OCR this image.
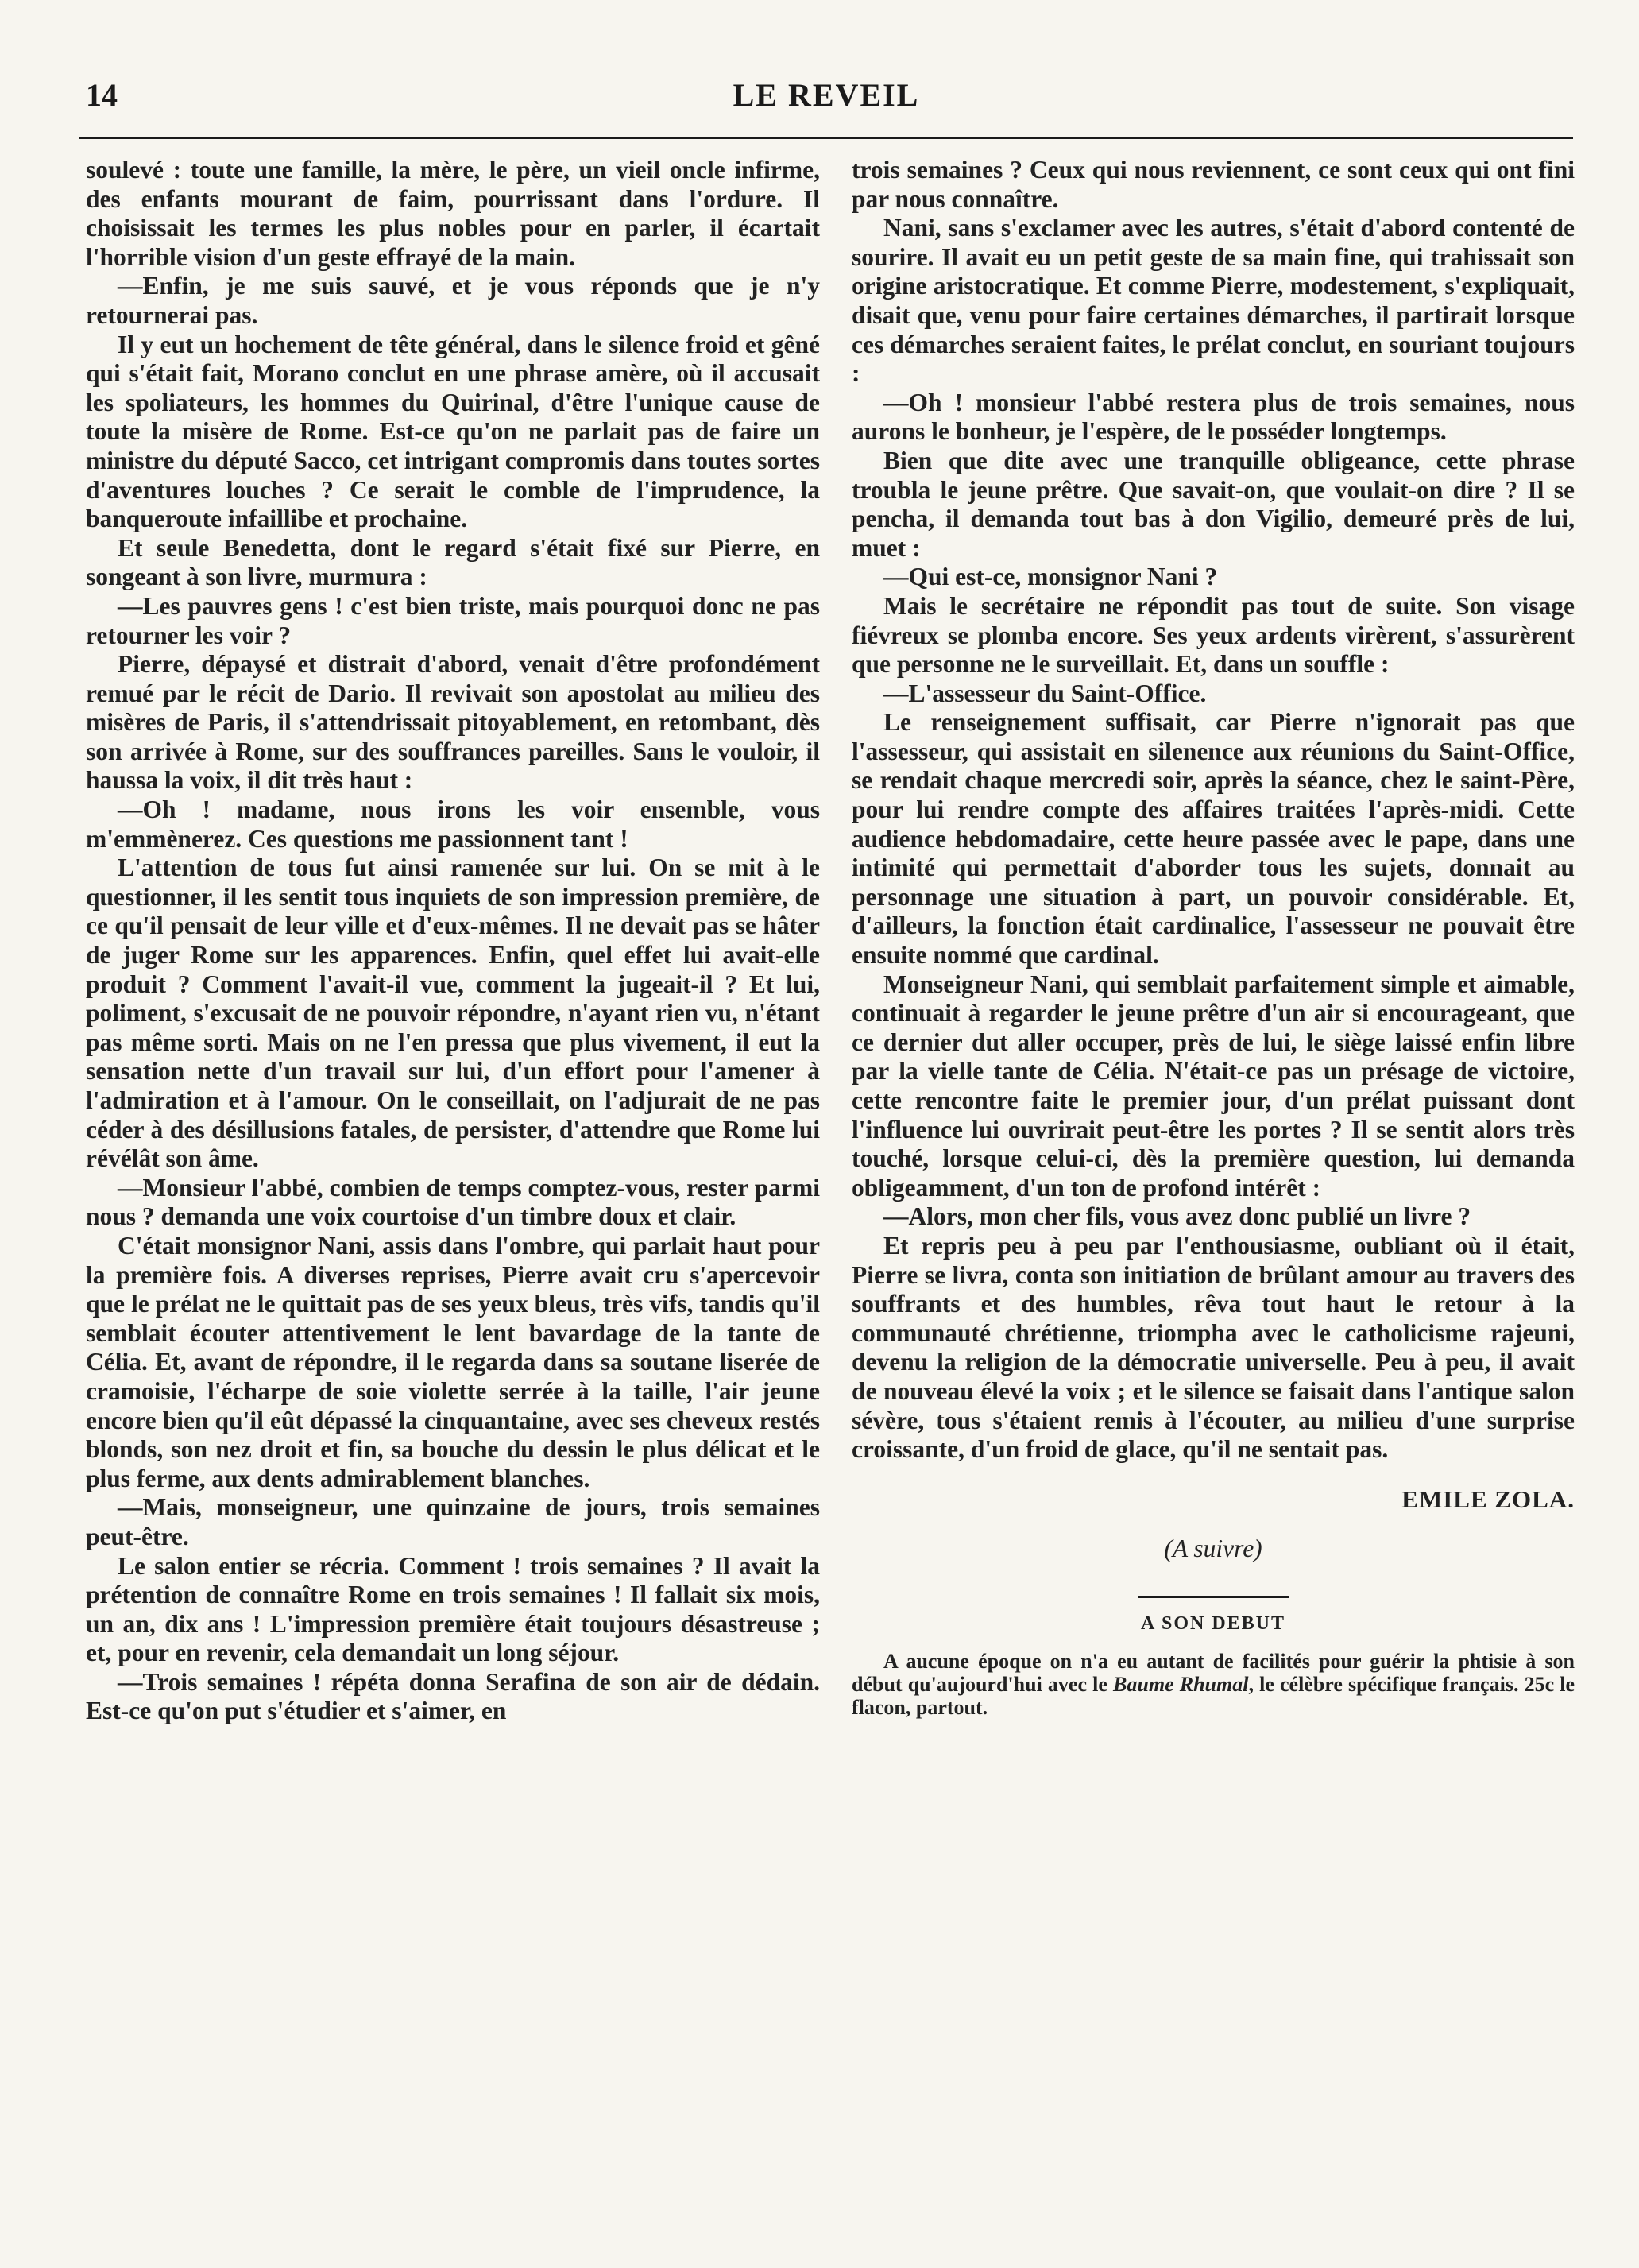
14	LE REVEIL

soulevé : toute une famille, la mère, le père, un vieil oncle infirme, des enfants mourant de faim, pourrissant dans l'ordure. Il choisissait les termes les plus nobles pour en parler, il écartait l'horrible vision d'un geste effrayé de la main.

—Enfin, je me suis sauvé, et je vous réponds que je n'y retournerai pas.

Il y eut un hochement de tête général, dans le silence froid et gêné qui s'était fait, Morano conclut en une phrase amère, où il accusait les spoliateurs, les hommes du Quirinal, d'être l'unique cause de toute la misère de Rome. Est-ce qu'on ne parlait pas de faire un ministre du député Sacco, cet intrigant compromis dans toutes sortes d'aventures louches ? Ce serait le comble de l'imprudence, la banqueroute infaillibe et prochaine.

Et seule Benedetta, dont le regard s'était fixé sur Pierre, en songeant à son livre, murmura :

—Les pauvres gens ! c'est bien triste, mais pourquoi donc ne pas retourner les voir ?

Pierre, dépaysé et distrait d'abord, venait d'être profondément remué par le récit de Dario. Il revivait son apostolat au milieu des misères de Paris, il s'attendrissait pitoyablement, en retombant, dès son arrivée à Rome, sur des souffrances pareilles. Sans le vouloir, il haussa la voix, il dit très haut :

—Oh ! madame, nous irons les voir ensemble, vous m'emmènerez. Ces questions me passionnent tant !

L'attention de tous fut ainsi ramenée sur lui. On se mit à le questionner, il les sentit tous inquiets de son impression première, de ce qu'il pensait de leur ville et d'eux-mêmes. Il ne devait pas se hâter de juger Rome sur les apparences. Enfin, quel effet lui avait-elle produit ? Comment l'avait-il vue, comment la jugeait-il ? Et lui, poliment, s'excusait de ne pouvoir répondre, n'ayant rien vu, n'étant pas même sorti. Mais on ne l'en pressa que plus vivement, il eut la sensation nette d'un travail sur lui, d'un effort pour l'amener à l'admiration et à l'amour. On le conseillait, on l'adjurait de ne pas céder à des désillusions fatales, de persister, d'attendre que Rome lui révélât son âme.

—Monsieur l'abbé, combien de temps comptez-vous, rester parmi nous ? demanda une voix courtoise d'un timbre doux et clair.

C'était monsignor Nani, assis dans l'ombre, qui parlait haut pour la première fois. A diverses reprises, Pierre avait cru s'apercevoir que le prélat ne le quittait pas de ses yeux bleus, très vifs, tandis qu'il semblait écouter attentivement le lent bavardage de la tante de Célia. Et, avant de répondre, il le regarda dans sa soutane liserée de cramoisie, l'écharpe de soie violette serrée à la taille, l'air jeune encore bien qu'il eût dépassé la cinquantaine, avec ses cheveux restés blonds, son nez droit et fin, sa bouche du dessin le plus délicat et le plus ferme, aux dents admirablement blanches.

—Mais, monseigneur, une quinzaine de jours, trois semaines peut-être.

Le salon entier se récria. Comment ! trois semaines ? Il avait la prétention de connaître Rome en trois semaines ! Il fallait six mois, un an, dix ans ! L'impression première était toujours désastreuse ; et, pour en revenir, cela demandait un long séjour.

—Trois semaines ! répéta donna Serafina de son air de dédain. Est-ce qu'on put s'étudier et s'aimer, en

trois semaines ? Ceux qui nous reviennent, ce sont ceux qui ont fini par nous connaître.

Nani, sans s'exclamer avec les autres, s'était d'abord contenté de sourire. Il avait eu un petit geste de sa main fine, qui trahissait son origine aristocratique. Et comme Pierre, modestement, s'expliquait, disait que, venu pour faire certaines démarches, il partirait lorsque ces démarches seraient faites, le prélat conclut, en souriant toujours :

—Oh ! monsieur l'abbé restera plus de trois semaines, nous aurons le bonheur, je l'espère, de le posséder longtemps.

Bien que dite avec une tranquille obligeance, cette phrase troubla le jeune prêtre. Que savait-on, que voulait-on dire ? Il se pencha, il demanda tout bas à don Vigilio, demeuré près de lui, muet :

—Qui est-ce, monsignor Nani ?

Mais le secrétaire ne répondit pas tout de suite. Son visage fiévreux se plomba encore. Ses yeux ardents virèrent, s'assurèrent que personne ne le surveillait. Et, dans un souffle :

—L'assesseur du Saint-Office.

Le renseignement suffisait, car Pierre n'ignorait pas que l'assesseur, qui assistait en silenence aux réunions du Saint-Office, se rendait chaque mercredi soir, après la séance, chez le saint-Père, pour lui rendre compte des affaires traitées l'après-midi. Cette audience hebdomadaire, cette heure passée avec le pape, dans une intimité qui permettait d'aborder tous les sujets, donnait au personnage une situation à part, un pouvoir considérable. Et, d'ailleurs, la fonction était cardinalice, l'assesseur ne pouvait être ensuite nommé que cardinal.

Monseigneur Nani, qui semblait parfaitement simple et aimable, continuait à regarder le jeune prêtre d'un air si encourageant, que ce dernier dut aller occuper, près de lui, le siège laissé enfin libre par la vielle tante de Célia. N'était-ce pas un présage de victoire, cette rencontre faite le premier jour, d'un prélat puissant dont l'influence lui ouvrirait peut-être les portes ? Il se sentit alors très touché, lorsque celui-ci, dès la première question, lui demanda obligeamment, d'un ton de profond intérêt :

—Alors, mon cher fils, vous avez donc publié un livre ?

Et repris peu à peu par l'enthousiasme, oubliant où il était, Pierre se livra, conta son initiation de brûlant amour au travers des souffrants et des humbles, rêva tout haut le retour à la communauté chrétienne, triompha avec le catholicisme rajeuni, devenu la religion de la démocratie universelle. Peu à peu, il avait de nouveau élevé la voix ; et le silence se faisait dans l'antique salon sévère, tous s'étaient remis à l'écouter, au milieu d'une surprise croissante, d'un froid de glace, qu'il ne sentait pas.

EMILE ZOLA.

(A suivre)

A SON DEBUT

A aucune époque on n'a eu autant de facilités pour guérir la phtisie à son début qu'aujourd'hui avec le Baume Rhumal, le célèbre spécifique français. 25c le flacon, partout.
